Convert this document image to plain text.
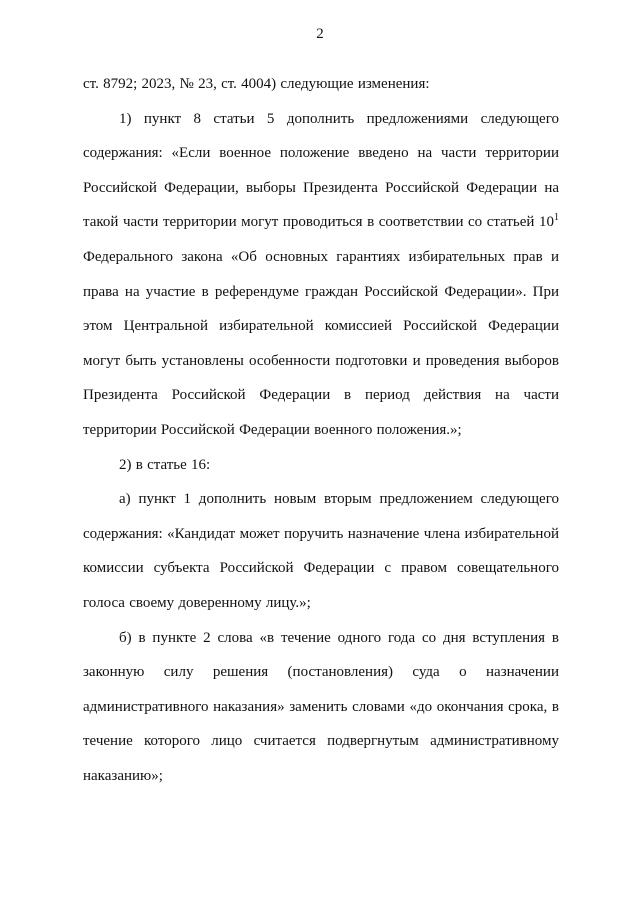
2

ст. 8792; 2023, № 23, ст. 4004) следующие изменения:

1) пункт 8 статьи 5 дополнить предложениями следующего содержания: «Если военное положение введено на части территории Российской Федерации, выборы Президента Российской Федерации на такой части территории могут проводиться в соответствии со статьей $10^1$ Федерального закона «Об основных гарантиях избирательных прав и права на участие в референдуме граждан Российской Федерации». При этом Центральной избирательной комиссией Российской Федерации могут быть установлены особенности подготовки и проведения выборов Президента Российской Федерации в период действия на части территории Российской Федерации военного положения.»;

2) в статье 16:

а) пункт 1 дополнить новым вторым предложением следующего содержания: «Кандидат может поручить назначение члена избирательной комиссии субъекта Российской Федерации с правом совещательного голоса своему доверенному лицу.»;

б) в пункте 2 слова «в течение одного года со дня вступления в законную силу решения (постановления) суда о назначении административного наказания» заменить словами «до окончания срока, в течение которого лицо считается подвергнутым административному наказанию»;
